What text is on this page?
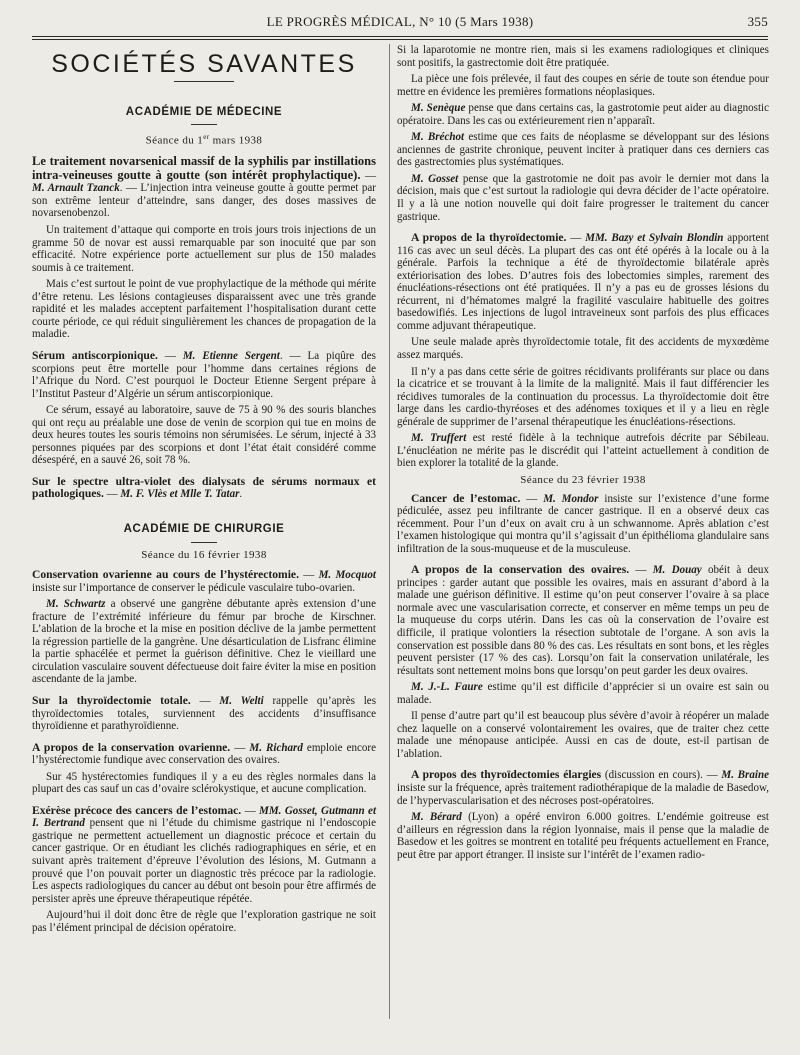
LE PROGRÈS MÉDICAL, N° 10 (5 Mars 1938)	355
SOCIÉTÉS SAVANTES
ACADÉMIE DE MÉDECINE
Séance du 1er mars 1938

Le traitement novarsenical massif de la syphilis par instillations intra-veineuses goutte à goutte (son intérêt prophylactique). — M. Arnault Tzanck. — L’injection intra veineuse goutte à goutte permet par son extrême lenteur d’atteindre, sans danger, des doses massives de novarsenobenzol.

Un traitement d’attaque qui comporte en trois jours trois injections de un gramme 50 de novar est aussi remarquable par son inocuité que par son efficacité. Notre expérience porte actuellement sur plus de 150 malades soumis à ce traitement.

Mais c’est surtout le point de vue prophylactique de la méthode qui mérite d’être retenu. Les lésions contagieuses disparaissent avec une très grande rapidité et les malades acceptent parfaitement l’hospitalisation durant cette courte période, ce qui réduit singulièrement les chances de propagation de la maladie.

Sérum antiscorpionique. — M. Etienne Sergent. — La piqûre des scorpions peut être mortelle pour l’homme dans certaines régions de l’Afrique du Nord. C’est pourquoi le Docteur Etienne Sergent prépare à l’Institut Pasteur d’Algérie un sérum antiscorpionique.

Ce sérum, essayé au laboratoire, sauve de 75 à 90 % des souris blanches qui ont reçu au préalable une dose de venin de scorpion qui tue en moins de deux heures toutes les souris témoins non sérumisées. Le sérum, injecté à 33 personnes piquées par des scorpions et dont l’état était considéré comme désespéré, en a sauvé 26, soit 78 %.

Sur le spectre ultra-violet des dialysats de sérums normaux et pathologiques. — M. F. Vlès et Mlle T. Tatar.

ACADÉMIE DE CHIRURGIE
Séance du 16 février 1938

Conservation ovarienne au cours de l’hystérectomie. — M. Mocquot insiste sur l’importance de conserver le pédicule vasculaire tubo-ovarien.

M. Schwartz a observé une gangrène débutante après extension d’une fracture de l’extrémité inférieure du fémur par broche de Kirschner. L’ablation de la broche et la mise en position déclive de la jambe permettent la régression partielle de la gangrène. Une désarticulation de Lisfranc élimine la partie sphacélée et permet la guérison définitive. Chez le vieillard une circulation vasculaire souvent défectueuse doit faire éviter la mise en position ascendante de la jambe.

Sur la thyroïdectomie totale. — M. Welti rappelle qu’après les thyroïdectomies totales, surviennent des accidents d’insuffisance thyroïdienne et parathyroïdienne.

A propos de la conservation ovarienne. — M. Richard emploie encore l’hystérectomie fundique avec conservation des ovaires.

Sur 45 hystérectomies fundiques il y a eu des règles normales dans la plupart des cas sauf un cas d’ovaire sclérokystique, et aucune complication.

Exérèse précoce des cancers de l’estomac. — MM. Gosset, Gutmann et I. Bertrand pensent que ni l’étude du chimisme gastrique ni l’endoscopie gastrique ne permettent actuellement un diagnostic précoce et certain du cancer gastrique. Or en étudiant les clichés radiographiques en série, et en suivant après traitement d’épreuve l’évolution des lésions, M. Gutmann a prouvé que l’on pouvait porter un diagnostic très précoce par la radiologie. Les aspects radiologiques du cancer au début ont besoin pour être affirmés de persister après une épreuve thérapeutique répétée.

Aujourd’hui il doit donc être de règle que l’exploration gastrique ne soit pas l’élément principal de décision opératoire.

Si la laparotomie ne montre rien, mais si les examens radiologiques et cliniques sont positifs, la gastrectomie doit être pratiquée.

La pièce une fois prélevée, il faut des coupes en série de toute son étendue pour mettre en évidence les premières formations néoplasiques.

M. Senèque pense que dans certains cas, la gastrotomie peut aider au diagnostic opératoire. Dans les cas ou extérieurement rien n’apparaît.

M. Bréchot estime que ces faits de néoplasme se développant sur des lésions anciennes de gastrite chronique, peuvent inciter à pratiquer dans ces derniers cas des gastrectomies plus systématiques.

M. Gosset pense que la gastrotomie ne doit pas avoir le dernier mot dans la décision, mais que c’est surtout la radiologie qui devra décider de l’acte opératoire. Il y a là une notion nouvelle qui doit faire progresser le traitement du cancer gastrique.

A propos de la thyroïdectomie. — MM. Bazy et Sylvain Blondin apportent 116 cas avec un seul décès. La plupart des cas ont été opérés à la locale ou à la générale. Parfois la technique a été de thyroïdectomie bilatérale après extériorisation des lobes. D’autres fois des lobectomies simples, rarement des énucléations-résections ont été pratiquées. Il n’y a pas eu de grosses lésions du récurrent, ni d’hématomes malgré la fragilité vasculaire habituelle des goitres basedowifiés. Les injections de lugol intraveineux sont parfois des plus efficaces comme adjuvant thérapeutique.

Une seule malade après thyroïdectomie totale, fit des accidents de myxœdème assez marqués.

Il n’y a pas dans cette série de goitres récidivants proliférants sur place ou dans la cicatrice et se trouvant à la limite de la malignité. Mais il faut différencier les récidives tumorales de la continuation du processus. La thyroïdectomie doit être large dans les cardio-thyréoses et des adénomes toxiques et il y a lieu en règle générale de supprimer de l’arsenal thérapeutique les énucléations-résections.

M. Truffert est resté fidèle à la technique autrefois décrite par Sébileau. L’énucléation ne mérite pas le discrédit qui l’atteint actuellement à condition de bien explorer la totalité de la glande.

Séance du 23 février 1938

Cancer de l’estomac. — M. Mondor insiste sur l’existence d’une forme pédiculée, assez peu infiltrante de cancer gastrique. Il en a observé deux cas récemment. Pour l’un d’eux on avait cru à un schwannome. Après ablation c’est l’examen histologique qui montra qu’il s’agissait d’un épithélioma glandulaire sans infiltration de la sous-muqueuse et de la musculeuse.

A propos de la conservation des ovaires. — M. Douay obéit à deux principes : garder autant que possible les ovaires, mais en assurant d’abord à la malade une guérison définitive. Il estime qu’on peut conserver l’ovaire à sa place normale avec une vascularisation correcte, et conserver en même temps un peu de la muqueuse du corps utérin. Dans les cas où la conservation de l’ovaire est difficile, il pratique volontiers la résection subtotale de l’organe. A son avis la conservation est possible dans 80 % des cas. Les résultats en sont bons, et les règles peuvent persister (17 % des cas). Lorsqu’on fait la conservation unilatérale, les résultats sont nettement moins bons que lorsqu’on peut garder les deux ovaires.

M. J.-L. Faure estime qu’il est difficile d’apprécier si un ovaire est sain ou malade.

Il pense d’autre part qu’il est beaucoup plus sévère d’avoir à réopérer un malade chez laquelle on a conservé volontairement les ovaires, que de traiter chez cette malade une ménopause anticipée. Aussi en cas de doute, est-il partisan de l’ablation.

A propos des thyroïdectomies élargies (discussion en cours). — M. Braine insiste sur la fréquence, après traitement radiothérapique de la maladie de Basedow, de l’hypervascularisation et des nécroses post-opératoires.

M. Bérard (Lyon) a opéré environ 6.000 goitres. L’endémie goitreuse est d’ailleurs en régression dans la région lyonnaise, mais il pense que la maladie de Basedow et les goitres se montrent en totalité peu fréquents actuellement en France, peut être par apport étranger. Il insiste sur l’intérêt de l’examen radio-
